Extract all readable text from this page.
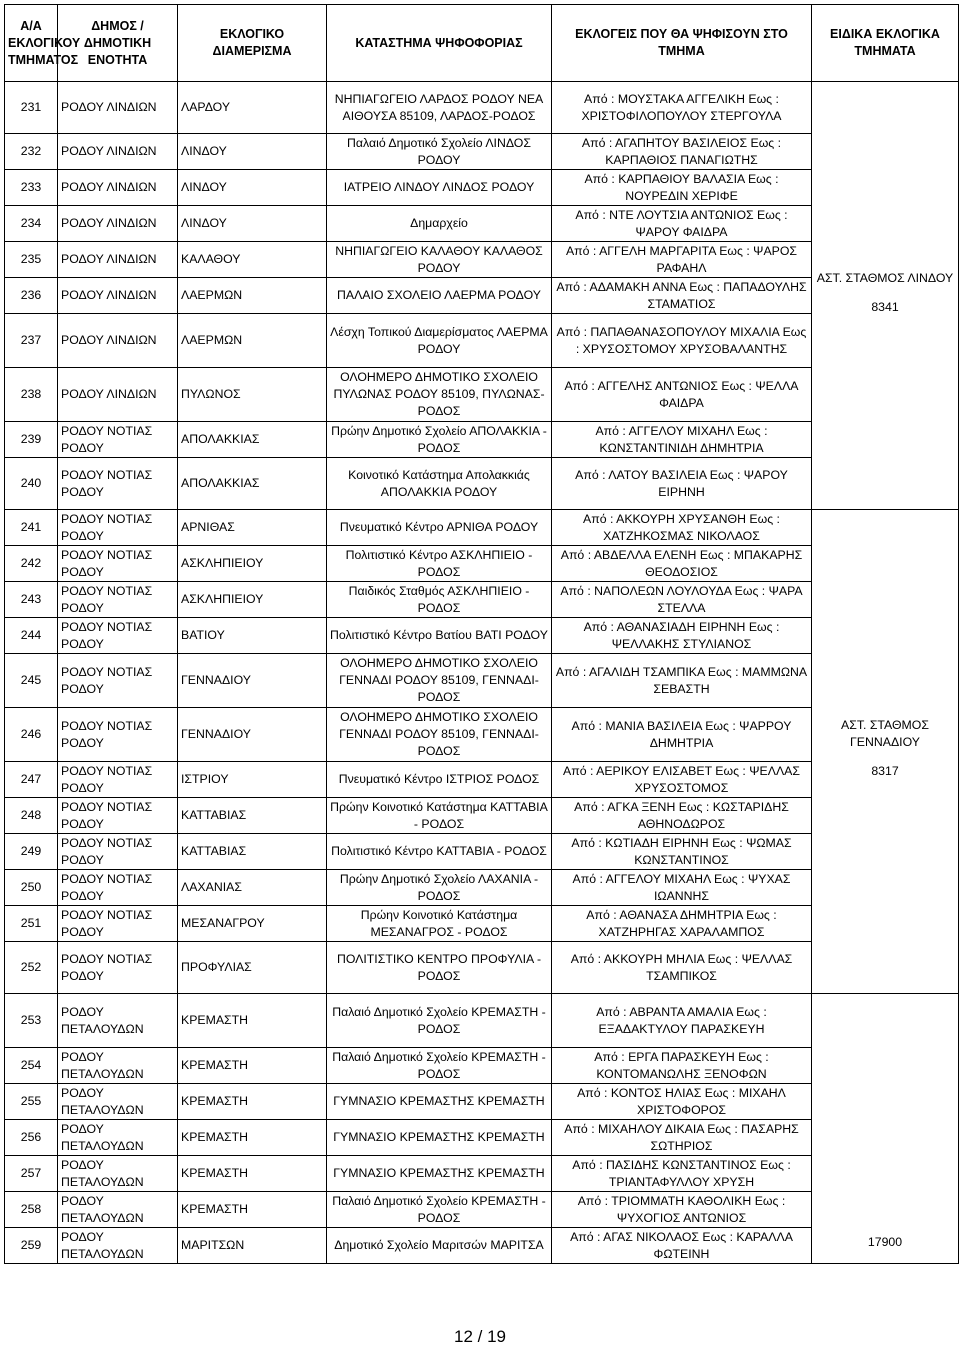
Α/Α ΕΚΛΟΓΙΚΟΥ ΤΜΗΜΑΤΟΣ	ΔΗΜΟΣ / ΔΗΜΟΤΙΚΗ ΕΝΟΤΗΤΑ	ΕΚΛΟΓΙΚΟ ΔΙΑΜΕΡΙΣΜΑ	ΚΑΤΑΣΤΗΜΑ ΨΗΦΟΦΟΡΙΑΣ	ΕΚΛΟΓΕΙΣ ΠΟΥ ΘΑ ΨΗΦΙΣΟΥΝ ΣΤΟ ΤΜΗΜΑ	ΕΙΔΙΚΑ ΕΚΛΟΓΙΚΑ ΤΜΗΜΑΤΑ
231	ΡΟΔΟΥ ΛΙΝΔΙΩΝ	ΛΑΡΔΟΥ	ΝΗΠΙΑΓΩΓΕΙΟ ΛΑΡΔΟΣ ΡΟΔΟΥ ΝΕΑ ΑΙΘΟΥΣΑ 85109, ΛΑΡΔΟΣ-ΡΟΔΟΣ	Από : ΜΟΥΣΤΑΚΑ ΑΓΓΕΛΙΚΗ Εως : ΧΡΙΣΤΟΦΙΛΟΠΟΥΛΟΥ ΣΤΕΡΓΟΥΛΑ	ΑΣΤ. ΣΤΑΘΜΟΣ ΛΙΝΔΟΥ
8341

232	ΡΟΔΟΥ ΛΙΝΔΙΩΝ	ΛΙΝΔΟΥ	Παλαιό Δημοτικό Σχολείο ΛΙΝΔΟΣ ΡΟΔΟΥ	Από : ΑΓΑΠΗΤΟΥ ΒΑΣΙΛΕΙΟΣ Εως : ΚΑΡΠΑΘΙΟΣ ΠΑΝΑΓΙΩΤΗΣ	
233	ΡΟΔΟΥ ΛΙΝΔΙΩΝ	ΛΙΝΔΟΥ	ΙΑΤΡΕΙΟ ΛΙΝΔΟΥ ΛΙΝΔΟΣ ΡΟΔΟΥ	Από : ΚΑΡΠΑΘΙΟΥ ΒΑΛΑΣΙΑ Εως : ΝΟΥΡΕΔΙΝ ΧΕΡΙΦΕ	
234	ΡΟΔΟΥ ΛΙΝΔΙΩΝ	ΛΙΝΔΟΥ	Δημαρχείο	Από : ΝΤΕ ΛΟΥΤΣΙΑ ΑΝΤΩΝΙΟΣ Εως : ΨΑΡΟΥ ΦΑΙΔΡΑ	
235	ΡΟΔΟΥ ΛΙΝΔΙΩΝ	ΚΑΛΑΘΟΥ	ΝΗΠΙΑΓΩΓΕΙΟ ΚΑΛΑΘΟΥ ΚΑΛΑΘΟΣ ΡΟΔΟΥ	Από : ΑΓΓΕΛΗ ΜΑΡΓΑΡΙΤΑ Εως : ΨΑΡΟΣ ΡΑΦΑΗΛ	
236	ΡΟΔΟΥ ΛΙΝΔΙΩΝ	ΛΑΕΡΜΩΝ	ΠΑΛΑΙΟ ΣΧΟΛΕΙΟ ΛΑΕΡΜΑ ΡΟΔΟΥ	Από : ΑΔΑΜΑΚΗ ΑΝΝΑ Εως : ΠΑΠΑΔΟΥΛΗΣ ΣΤΑΜΑΤΙΟΣ	
237	ΡΟΔΟΥ ΛΙΝΔΙΩΝ	ΛΑΕΡΜΩΝ	Λέσχη Τοπικού Διαμερίσματος ΛΑΕΡΜΑ ΡΟΔΟΥ	Από : ΠΑΠΑΘΑΝΑΣΟΠΟΥΛΟΥ ΜΙΧΑΛΙΑ Εως : ΧΡΥΣΟΣΤΟΜΟΥ ΧΡΥΣΟΒΑΛΑΝΤΗΣ	
238	ΡΟΔΟΥ ΛΙΝΔΙΩΝ	ΠΥΛΩΝΟΣ	ΟΛΟΗΜΕΡΟ ΔΗΜΟΤΙΚΟ ΣΧΟΛΕΙΟ ΠΥΛΩΝΑΣ ΡΟΔΟΥ 85109, ΠΥΛΩΝΑΣ-ΡΟΔΟΣ	Από : ΑΓΓΕΛΗΣ ΑΝΤΩΝΙΟΣ Εως : ΨΕΛΛΑ ΦΑΙΔΡΑ	
239	ΡΟΔΟΥ ΝΟΤΙΑΣ ΡΟΔΟΥ	ΑΠΟΛΑΚΚΙΑΣ	Πρώην Δημοτικό Σχολείο ΑΠΟΛΑΚΚΙΑ - ΡΟΔΟΣ	Από : ΑΓΓΕΛΟΥ ΜΙΧΑΗΛ Εως : ΚΩΝΣΤΑΝΤΙΝΙΔΗ ΔΗΜΗΤΡΙΑ	
240	ΡΟΔΟΥ ΝΟΤΙΑΣ ΡΟΔΟΥ	ΑΠΟΛΑΚΚΙΑΣ	Κοινοτικό Κατάστημα Απολακκιάς ΑΠΟΛΑΚΚΙΑ ΡΟΔΟΥ	Από : ΛΑΤΟΥ ΒΑΣΙΛΕΙΑ Εως : ΨΑΡΟΥ ΕΙΡΗΝΗ	
241	ΡΟΔΟΥ ΝΟΤΙΑΣ ΡΟΔΟΥ	ΑΡΝΙΘΑΣ	Πνευματικό Κέντρο ΑΡΝΙΘΑ ΡΟΔΟΥ	Από : ΑΚΚΟΥΡΗ ΧΡΥΣΑΝΘΗ Εως : ΧΑΤΖΗΚΟΣΜΑΣ ΝΙΚΟΛΑΟΣ	ΑΣΤ. ΣΤΑΘΜΟΣ ΓΕΝΝΑΔΙΟΥ
8317

242	ΡΟΔΟΥ ΝΟΤΙΑΣ ΡΟΔΟΥ	ΑΣΚΛΗΠΙΕΙΟΥ	Πολιτιστικό Κέντρο ΑΣΚΛΗΠΙΕΙΟ - ΡΟΔΟΣ	Από : ΑΒΔΕΛΛΑ ΕΛΕΝΗ Εως : ΜΠΑΚΑΡΗΣ ΘΕΟΔΟΣΙΟΣ	
243	ΡΟΔΟΥ ΝΟΤΙΑΣ ΡΟΔΟΥ	ΑΣΚΛΗΠΙΕΙΟΥ	Παιδικός Σταθμός ΑΣΚΛΗΠΙΕΙΟ - ΡΟΔΟΣ	Από : ΝΑΠΟΛΕΩΝ ΛΟΥΛΟΥΔΑ Εως : ΨΑΡΑ ΣΤΕΛΛΑ	
244	ΡΟΔΟΥ ΝΟΤΙΑΣ ΡΟΔΟΥ	ΒΑΤΙΟΥ	Πολιτιστικό Κέντρο Βατίου ΒΑΤΙ ΡΟΔΟΥ	Από : ΑΘΑΝΑΣΙΑΔΗ ΕΙΡΗΝΗ Εως : ΨΕΛΛΑΚΗΣ ΣΤΥΛΙΑΝΟΣ	
245	ΡΟΔΟΥ ΝΟΤΙΑΣ ΡΟΔΟΥ	ΓΕΝΝΑΔΙΟΥ	ΟΛΟΗΜΕΡΟ ΔΗΜΟΤΙΚΟ ΣΧΟΛΕΙΟ ΓΕΝΝΑΔΙ ΡΟΔΟΥ 85109, ΓΕΝΝΑΔΙ-ΡΟΔΟΣ	Από : ΑΓΑΛΙΔΗ ΤΣΑΜΠΙΚΑ Εως : ΜΑΜΜΩΝΑ ΣΕΒΑΣΤΗ	
246	ΡΟΔΟΥ ΝΟΤΙΑΣ ΡΟΔΟΥ	ΓΕΝΝΑΔΙΟΥ	ΟΛΟΗΜΕΡΟ ΔΗΜΟΤΙΚΟ ΣΧΟΛΕΙΟ ΓΕΝΝΑΔΙ ΡΟΔΟΥ 85109, ΓΕΝΝΑΔΙ-ΡΟΔΟΣ	Από : ΜΑΝΙΑ ΒΑΣΙΛΕΙΑ Εως : ΨΑΡΡΟΥ ΔΗΜΗΤΡΙΑ	
247	ΡΟΔΟΥ ΝΟΤΙΑΣ ΡΟΔΟΥ	ΙΣΤΡΙΟΥ	Πνευματικό Κέντρο ΙΣΤΡΙΟΣ ΡΟΔΟΣ	Από : ΑΕΡΙΚΟΥ ΕΛΙΣΑΒΕΤ Εως : ΨΕΛΛΑΣ ΧΡΥΣΟΣΤΟΜΟΣ	
248	ΡΟΔΟΥ ΝΟΤΙΑΣ ΡΟΔΟΥ	ΚΑΤΤΑΒΙΑΣ	Πρώην Κοινοτικό Κατάστημα ΚΑΤΤΑΒΙΑ - ΡΟΔΟΣ	Από : ΑΓΚΑ ΞΕΝΗ Εως : ΚΩΣΤΑΡΙΔΗΣ ΑΘΗΝΟΔΩΡΟΣ	
249	ΡΟΔΟΥ ΝΟΤΙΑΣ ΡΟΔΟΥ	ΚΑΤΤΑΒΙΑΣ	Πολιτιστικό Κέντρο ΚΑΤΤΑΒΙΑ - ΡΟΔΟΣ	Από : ΚΩΤΙΑΔΗ ΕΙΡΗΝΗ Εως : ΨΩΜΑΣ ΚΩΝΣΤΑΝΤΙΝΟΣ	
250	ΡΟΔΟΥ ΝΟΤΙΑΣ ΡΟΔΟΥ	ΛΑΧΑΝΙΑΣ	Πρώην Δημοτικό Σχολείο ΛΑΧΑΝΙΑ - ΡΟΔΟΣ	Από : ΑΓΓΕΛΟΥ ΜΙΧΑΗΛ Εως : ΨΥΧΑΣ ΙΩΑΝΝΗΣ	
251	ΡΟΔΟΥ ΝΟΤΙΑΣ ΡΟΔΟΥ	ΜΕΣΑΝΑΓΡΟΥ	Πρώην Κοινοτικό Κατάστημα ΜΕΣΑΝΑΓΡΟΣ - ΡΟΔΟΣ	Από : ΑΘΑΝΑΣΑ ΔΗΜΗΤΡΙΑ Εως : ΧΑΤΖΗΡΗΓΑΣ ΧΑΡΑΛΑΜΠΟΣ	
252	ΡΟΔΟΥ ΝΟΤΙΑΣ ΡΟΔΟΥ	ΠΡΟΦΥΛΙΑΣ	ΠΟΛΙΤΙΣΤΙΚΟ ΚΕΝΤΡΟ ΠΡΟΦΥΛΙΑ - ΡΟΔΟΣ	Από : ΑΚΚΟΥΡΗ ΜΗΛΙΑ Εως : ΨΕΛΛΑΣ ΤΣΑΜΠΙΚΟΣ	
253	ΡΟΔΟΥ ΠΕΤΑΛΟΥΔΩΝ	ΚΡΕΜΑΣΤΗ	Παλαιό Δημοτικό Σχολείο ΚΡΕΜΑΣΤΗ - ΡΟΔΟΣ	Από : ΑΒΡΑΝΤΑ ΑΜΑΛΙΑ Εως : ΕΞΑΔΑΚΤΥΛΟΥ ΠΑΡΑΣΚΕΥΗ	17900

254	ΡΟΔΟΥ ΠΕΤΑΛΟΥΔΩΝ	ΚΡΕΜΑΣΤΗ	Παλαιό Δημοτικό Σχολείο ΚΡΕΜΑΣΤΗ - ΡΟΔΟΣ	Από : ΕΡΓΑ ΠΑΡΑΣΚΕΥΗ Εως : ΚΟΝΤΟΜΑΝΩΛΗΣ ΞΕΝΟΦΩΝ	
255	ΡΟΔΟΥ ΠΕΤΑΛΟΥΔΩΝ	ΚΡΕΜΑΣΤΗ	ΓΥΜΝΑΣΙΟ ΚΡΕΜΑΣΤΗΣ ΚΡΕΜΑΣΤΗ	Από : ΚΟΝΤΟΣ ΗΛΙΑΣ Εως : ΜΙΧΑΗΛ ΧΡΙΣΤΟΦΟΡΟΣ	
256	ΡΟΔΟΥ ΠΕΤΑΛΟΥΔΩΝ	ΚΡΕΜΑΣΤΗ	ΓΥΜΝΑΣΙΟ ΚΡΕΜΑΣΤΗΣ ΚΡΕΜΑΣΤΗ	Από : ΜΙΧΑΗΛΟΥ ΔΙΚΑΙΑ Εως : ΠΑΣΑΡΗΣ ΣΩΤΗΡΙΟΣ	
257	ΡΟΔΟΥ ΠΕΤΑΛΟΥΔΩΝ	ΚΡΕΜΑΣΤΗ	ΓΥΜΝΑΣΙΟ ΚΡΕΜΑΣΤΗΣ ΚΡΕΜΑΣΤΗ	Από : ΠΑΣΙΔΗΣ ΚΩΝΣΤΑΝΤΙΝΟΣ Εως : ΤΡΙΑΝΤΑΦΥΛΛΟΥ ΧΡΥΣΗ	
258	ΡΟΔΟΥ ΠΕΤΑΛΟΥΔΩΝ	ΚΡΕΜΑΣΤΗ	Παλαιό Δημοτικό Σχολείο ΚΡΕΜΑΣΤΗ - ΡΟΔΟΣ	Από : ΤΡΙΟΜΜΑΤΗ ΚΑΘΟΛΙΚΗ Εως : ΨΥΧΟΓΙΟΣ ΑΝΤΩΝΙΟΣ	
259	ΡΟΔΟΥ ΠΕΤΑΛΟΥΔΩΝ	ΜΑΡΙΤΣΩΝ	Δημοτικό Σχολείο Μαριτσών ΜΑΡΙΤΣΑ	Από : ΑΓΑΣ ΝΙΚΟΛΑΟΣ Εως : ΚΑΡΑΛΛΑ ΦΩΤΕΙΝΗ	
12 / 19
